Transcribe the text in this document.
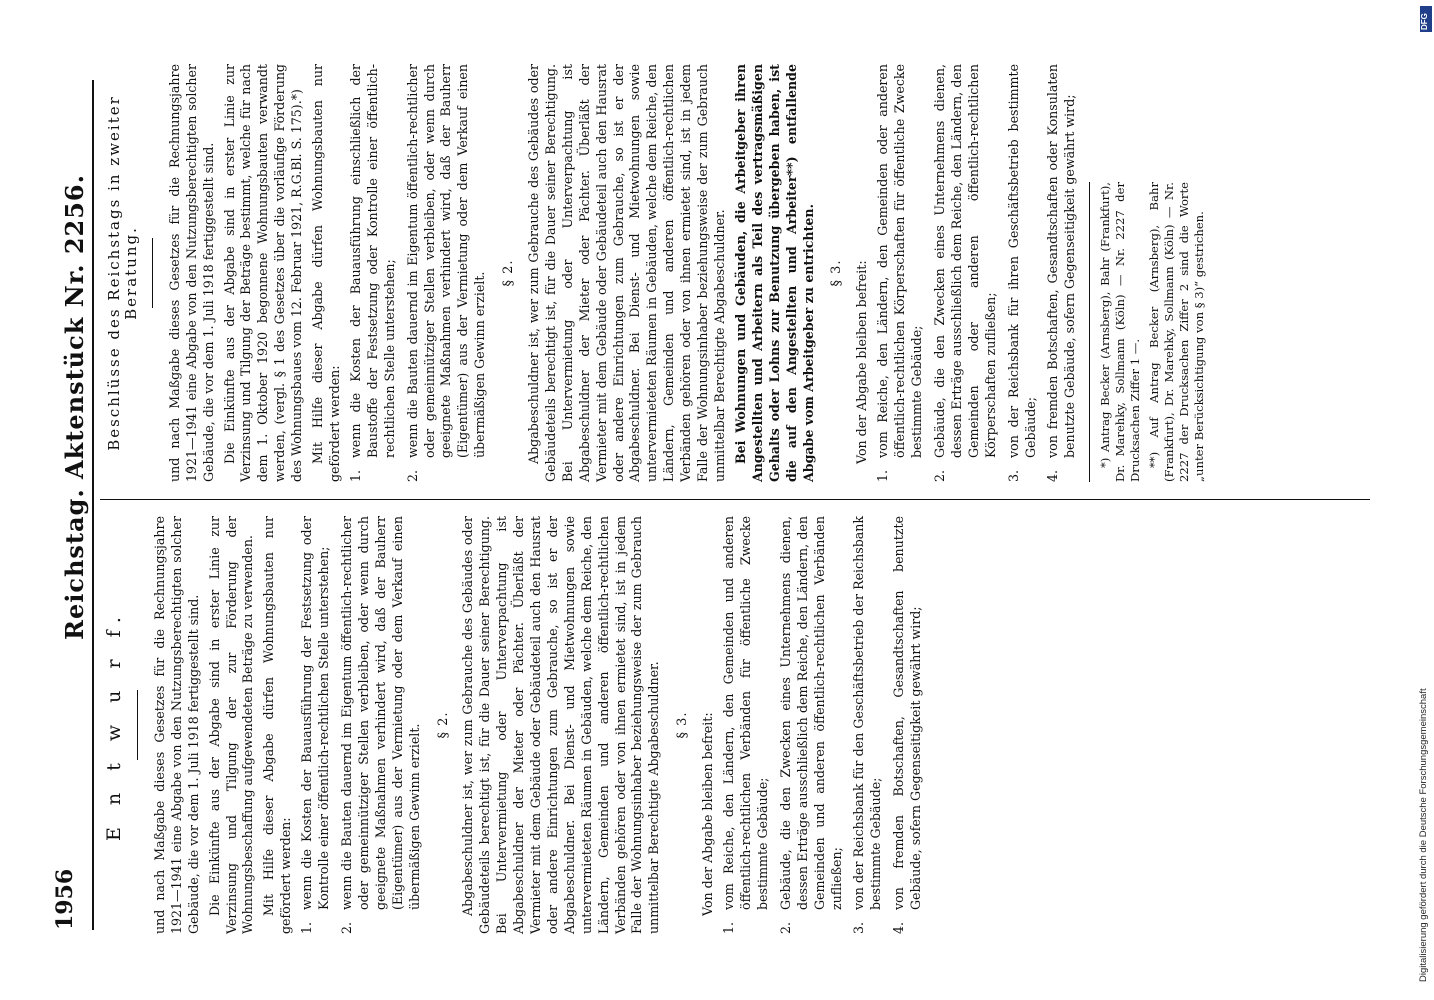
1956
Reichstag. Aktenstück Nr. 2256.
E n t w u r f. und nach Maßgabe dieses Gesetzes für die Rechnungsjahre 1921—1941 eine Abgabe von den Nutzungsberechtigten solcher Gebäude, die vor dem 1. Juli 1918 fertiggestellt sind. Die Einkünfte aus der Abgabe sind in erster Linie zur Verzinsung und Tilgung der zur Förderung der Wohnungsbeschaffung aufgewendeten Beträge zu verwenden. Mit Hilfe dieser Abgabe dürfen Wohnungsbauten nur gefördert werden: 1.
wenn die Kosten der Bauausführung der Festsetzung oder Kontrolle einer öffentlich-rechtlichen Stelle unterstehen;
2.
wenn die Bauten dauernd im Eigentum öffentlich-rechtlicher oder gemeinnütziger Stellen verbleiben, oder wenn durch geeignete Maßnahmen verhindert wird, daß der Bauherr (Eigentümer) aus der Vermietung oder dem Verkauf einen übermäßigen Gewinn erzielt. § 2. Abgabeschuldner ist, wer zum Gebrauche des Gebäudes oder Gebäudeteils berechtigt ist, für die Dauer seiner Berechtigung. Bei Untervermietung oder Unterverpachtung ist Abgabeschuldner der Mieter oder Pächter. Überläßt der Vermieter mit dem Gebäude oder Gebäudeteil auch den Hausrat oder andere Einrichtungen zum Gebrauche, so ist er der Abgabeschuldner. Bei Dienst- und Mietwohnungen sowie untervermieteten Räumen in Gebäuden, welche dem Reiche, den Ländern, Gemeinden und anderen öffentlich-rechtlichen Verbänden gehören oder von ihnen ermietet sind, ist in jedem Falle der Wohnungsinhaber beziehungsweise der zum Gebrauch unmittelbar Berechtigte Abgabeschuldner. § 3. Von der Abgabe bleiben befreit:

1.
vom Reiche, den Ländern, den Gemeinden und anderen öffentlich-rechtlichen Verbänden für öffentliche Zwecke bestimmte Gebäude;
2.
Gebäude, die den Zwecken eines Unternehmens dienen, dessen Erträge ausschließlich dem Reiche, den Ländern, den Gemeinden und anderen öffentlich-rechtlichen Verbänden zufließen;
3.
von der Reichsbank für den Geschäftsbetrieb der Reichsbank bestimmte Gebäude;
4.
von fremden Botschaften, Gesandtschaften benutzte Gebäude, sofern Gegenseitigkeit gewährt wird;
Beschlüsse des Reichstags in zweiter Beratung. und nach Maßgabe dieses Gesetzes für die Rechnungsjahre 1921—1941 eine Abgabe von den Nutzungsberechtigten solcher Gebäude, die vor dem 1. Juli 1918 fertiggestellt sind. Die Einkünfte aus der Abgabe sind in erster Linie zur Verzinsung und Tilgung der Beträge bestimmt, welche für nach dem 1. Oktober 1920 begonnene Wohnungsbauten verwandt werden, (vergl. § 1 des Gesetzes über die vorläufige Förderung des Wohnungsbaues vom 12. Februar 1921, R.G.Bl. S. 175).*) Mit Hilfe dieser Abgabe dürfen Wohnungsbauten nur gefördert werden: 1.
wenn die Kosten der Bauausführung einschließlich der Baustoffe der Festsetzung oder Kontrolle einer öffentlich-rechtlichen Stelle unterstehen;
2.
wenn die Bauten dauernd im Eigentum öffentlich-rechtlicher oder gemeinnütziger Stellen verbleiben, oder wenn durch geeignete Maßnahmen verhindert wird, daß der Bauherr (Eigentümer) aus der Vermietung oder dem Verkauf einen übermäßigen Gewinn erzielt. § 2. Abgabeschuldner ist, wer zum Gebrauche des Gebäudes oder Gebäudeteils berechtigt ist, für die Dauer seiner Berechtigung. Bei Untervermietung oder Unterverpachtung ist Abgabeschuldner der Mieter oder Pächter. Überläßt der Vermieter mit dem Gebäude oder Gebäudeteil auch den Hausrat oder andere Einrichtungen zum Gebrauche, so ist er der Abgabeschuldner. Bei Dienst- und Mietwohnungen sowie untervermieteten Räumen in Gebäuden, welche dem Reiche, den Ländern, Gemeinden und anderen öffentlich-rechtlichen Verbänden gehören oder von ihnen ermietet sind, ist in jedem Falle der Wohnungsinhaber beziehungsweise der zum Gebrauch unmittelbar Berechtigte Abgabeschuldner. Bei Wohnungen und Gebäuden, die Arbeitgeber ihren Angestellten und Arbeitern als Teil des vertragsmäßigen Gehalts oder Lohns zur Benutzung übergeben haben, ist die auf den Angestellten und Arbeiter**) entfallende Abgabe vom Arbeitgeber zu entrichten. § 3. Von der Abgabe bleiben befreit:

1.
vom Reiche, den Ländern, den Gemeinden oder anderen öffentlich-rechtlichen Körperschaften für öffentliche Zwecke bestimmte Gebäude;
2.
Gebäude, die den Zwecken eines Unternehmens dienen, dessen Erträge ausschließlich dem Reiche, den Ländern, den Gemeinden oder anderen öffentlich-rechtlichen Körperschaften zufließen;
3.
von der Reichsbank für ihren Geschäftsbetrieb bestimmte Gebäude;
4.
von fremden Botschaften, Gesandtschaften oder Konsulaten benutzte Gebäude, sofern Gegenseitigkeit gewährt wird; *) Antrag Becker (Arnsberg), Bahr (Frankfurt), Dr. Marehky, Sollmann (Köln) — Nr. 2227 der Drucksachen Ziffer 1 —. **) Auf Antrag Becker (Arnsberg), Bahr (Frankfurt), Dr. Marehky, Sollmann (Köln) — Nr. 2227 der Drucksachen Ziffer 2 sind die Worte „unter Berücksichtigung von § 3)“ gestrichen.

Digitalisierung gefördert durch die Deutsche Forschungsgemeinschaft
DFG
